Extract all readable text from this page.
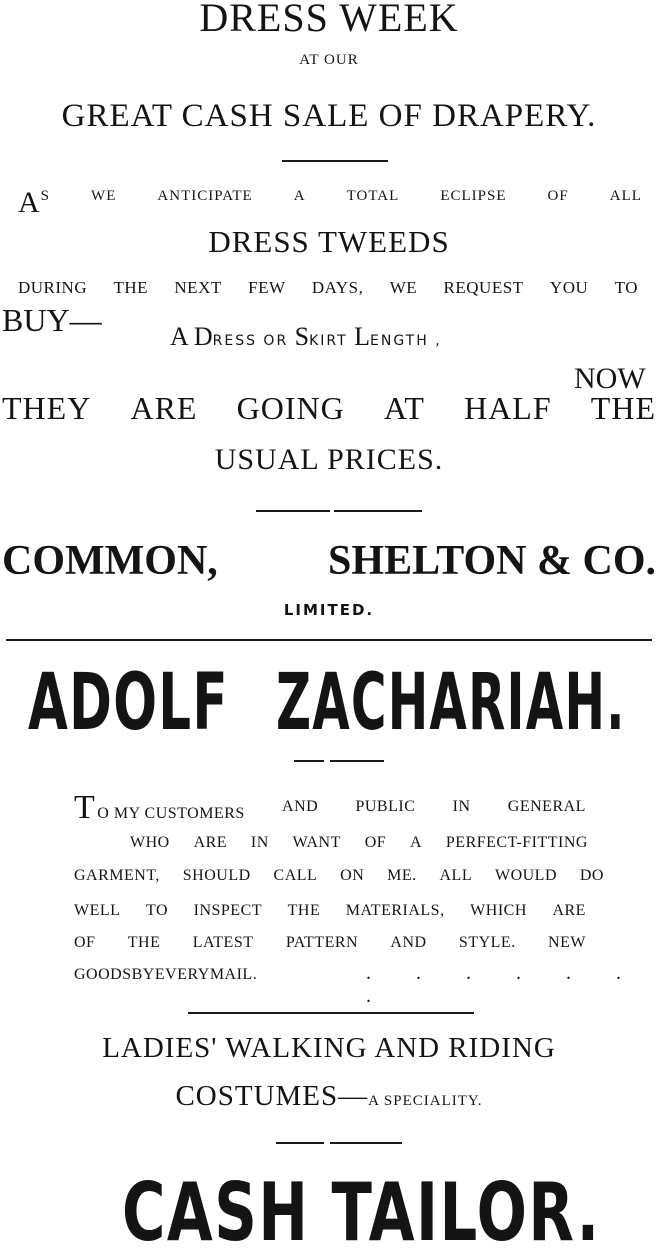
DRESS WEEK
AT OUR
GREAT CASH SALE OF DRAPERY.
AS	WE	ANTICIPATE	A	TOTAL	ECLIPSE	OF	ALL
DRESS TWEEDS
DURING THE NEXT FEW DAYS, WE REQUEST YOU TO
BUY—	A DRESS OR SKIRT LENGTH ,
NOW
THEY ARE GOING AT HALF THE
USUAL PRICES.
COMMON,	SHELTON & CO.
LIMITED.
ADOLF ZACHARIAH.
T O MY CUSTOMERS AND PUBLIC IN GENERAL
WHO ARE IN WANT OF A PERFECT-FITTING
GARMENT, SHOULD CALL ON ME. ALL WOULD DO
WELL TO INSPECT THE MATERIALS, WHICH ARE
OF THE LATEST PATTERN AND STYLE. NEW
GOODS BY EVERY MAIL.	. . . . . . .
LADIES' WALKING AND RIDING
COSTUMES—A SPECIALITY.
CASH TAILOR.
